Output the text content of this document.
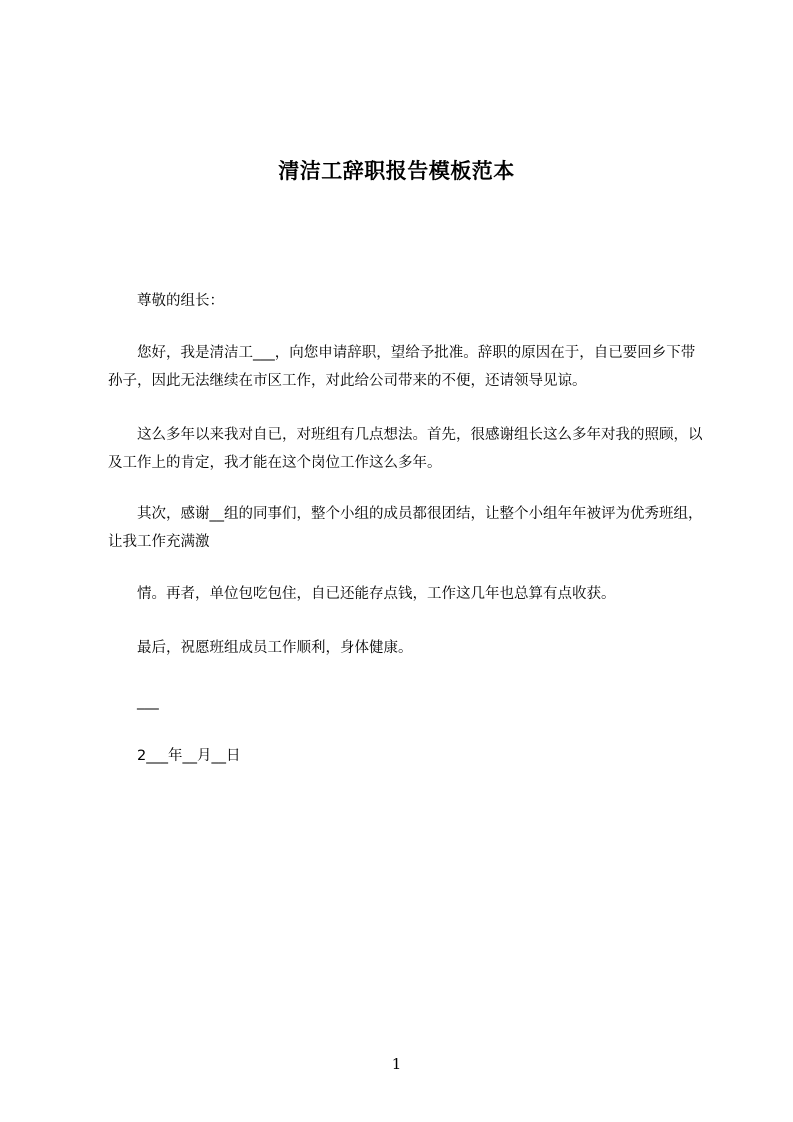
清洁工辞职报告模板范本

尊敬的组长：

您好，我是清洁工___，向您申请辞职，望给予批准。辞职的原因在于，自已要回乡下带孙子，因此无法继续在市区工作，对此给公司带来的不便，还请领导见谅。

这么多年以来我对自已，对班组有几点想法。首先，很感谢组长这么多年对我的照顾，以及工作上的肯定，我才能在这个岗位工作这么多年。

其次，感谢__组的同事们，整个小组的成员都很团结，让整个小组年年被评为优秀班组，让我工作充满激

情。再者，单位包吃包住，自已还能存点钱，工作这几年也总算有点收获。

最后，祝愿班组成员工作顺利，身体健康。

___

2___年__月__日

1
